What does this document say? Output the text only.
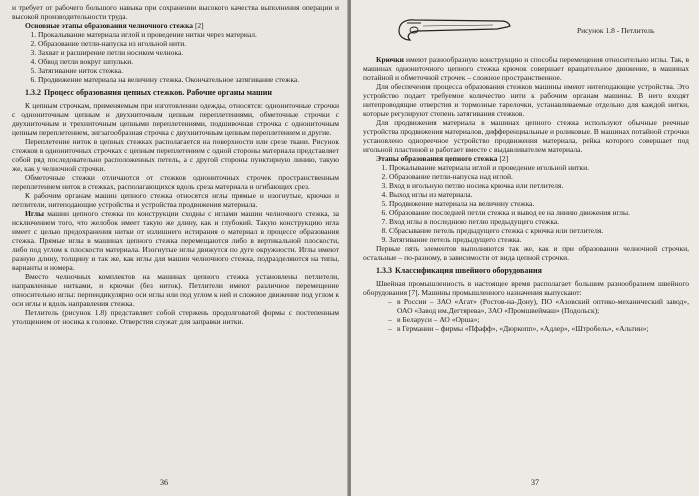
и требует от рабочего большого навыка при сохранении высокого качества выполнения операции и высокой производительности труда.

Основные этапы образования челночного стежка [2]

1. Прокалывание материала иглой и проведение нитки через материал.
2. Образование петли-напуска из игольной нити.
3. Захват и расширение петли носиком челнока.
4. Обвод петли вокруг шпульки.
5. Затягивание ниток стежка.
6. Продвижение материала на величину стежка. Окончательное затягивание стежка.
1.3.2 Процесс образования цепных стежков. Рабочие органы машин

К цепным строчкам, применяемым при изготовлении одежды, относятся: однониточные строчки с однониточным цепным и двухниточным цепным переплетениями, обметочные строчки с двухниточным и трехниточным цепными переплетениями, подшивочная строчка с однониточным цепным переплетением, зигзагообразная строчка с двухниточным цепным переплетением и другие.

Переплетение ниток в цепных стежках располагается на поверхности или срезе ткани. Рисунок стежков в однониточных строчках с цепным переплетением с одной стороны материала представляет собой ряд последовательно расположенных петель, а с другой стороны пунктирную линию, такую же, как у челночной строчки.

Обметочные стежки отличаются от стежков однониточных строчек пространственным переплетением ниток в стежках, располагающихся вдоль среза материала и огибающих срез.

К рабочим органам машин цепного стежка относятся иглы прямые и изогнутые, крючки и петлители, нитеподающие устройства и устройства продвижения материала.

Иглы машин цепного стежка по конструкции сходны с иглами машин челночного стежка, за исключением того, что желобок имеет такую же длину, как и глубокий. Такую конструкцию игла имеет с целью предохранения нитки от излишнего истирания о материал в процессе образования стежка. Прямые иглы в машинах цепного стежка перемещаются либо в вертикальной плоскости, либо под углом к плоскости материала. Изогнутые иглы движутся по дуге окружности. Иглы имеют разную длину, толщину и так же, как иглы для машин челночного стежка, подразделяются на типы, варианты и номера.

Вместо челночных комплектов на машинах цепного стежка установлены петлители, направленные нитками, и крючки (без ниток). Петлители имеют различное перемещение относительно иглы: перпендикулярно оси иглы или под углом к ней и сложное движение под углом к оси иглы и вдоль направления стежка.

Петлитель (рисунок 1.8) представляет собой стержень продолговатой формы с постепенным утолщением от носика к головке. Отверстия служат для заправки нитки.

36
Рисунок 1.8 - Петлитель

Крючки имеют разнообразную конструкцию и способы перемещения относительно иглы. Так, в машинах однониточного цепного стежка крючок совершает вращательное движение, в машинах потайной и обметочной строчек – сложное пространственное.

Для обеспечения процесса образования стежков машины имеют нитеподающие устройства. Это устройство подает требуемое количество нити к рабочим органам машины. В него входят нитепроводящие отверстия и тормозные тарелочки, устанавливаемые отдельно для каждой нитки, которые регулируют степень затягивания стежков.

Для продвижения материала в машинах цепного стежка используют обычные реечные устройства продвижения материалов, дифференциальные и роликовые. В машинах потайной строчки установлено однореечное устройство продвижения материала, рейка которого совершает под игольной пластиной и работает вместе с выдавливателем материала.

Этапы образования цепного стежка [2]

1. Прокалывание материала иглой и проведение игольной нитки.
2. Образование петли-напуска над иглой.
3. Вход в игольную петлю носика крючка или петлителя.
4. Выход иглы из материала.
5. Продвижение материала на величину стежка.
6. Образование последней петли стежка и вывод ее на линию движения иглы.
7. Вход иглы в последнюю петлю предыдущего стежка.
8. Сбрасывание петель предыдущего стежка с крючка или петлителя.
9. Затягивание петель предыдущего стежка.

Первые пять элементов выполняются так же, как и при образовании челночной строчки, остальные – по-разному, в зависимости от вида цепной строчки.

1.3.3 Классификация швейного оборудования

Швейная промышленность в настоящее время располагает большим разнообразием швейного оборудования [7]. Машины промышленного назначения выпускают:

– в России – ЗАО «Агат» (Ростов-на-Дону), ПО «Азовский оптико-механический завод», ОАО «Завод им.Дегтярева», ЗАО «Промшвеймаш» (Подольск);
– в Беларуси – АО «Орша»;
– в Германии – фирмы «Пфафф», «Дюркопп», «Адлер», «Штробель», «Альтин»;
37
